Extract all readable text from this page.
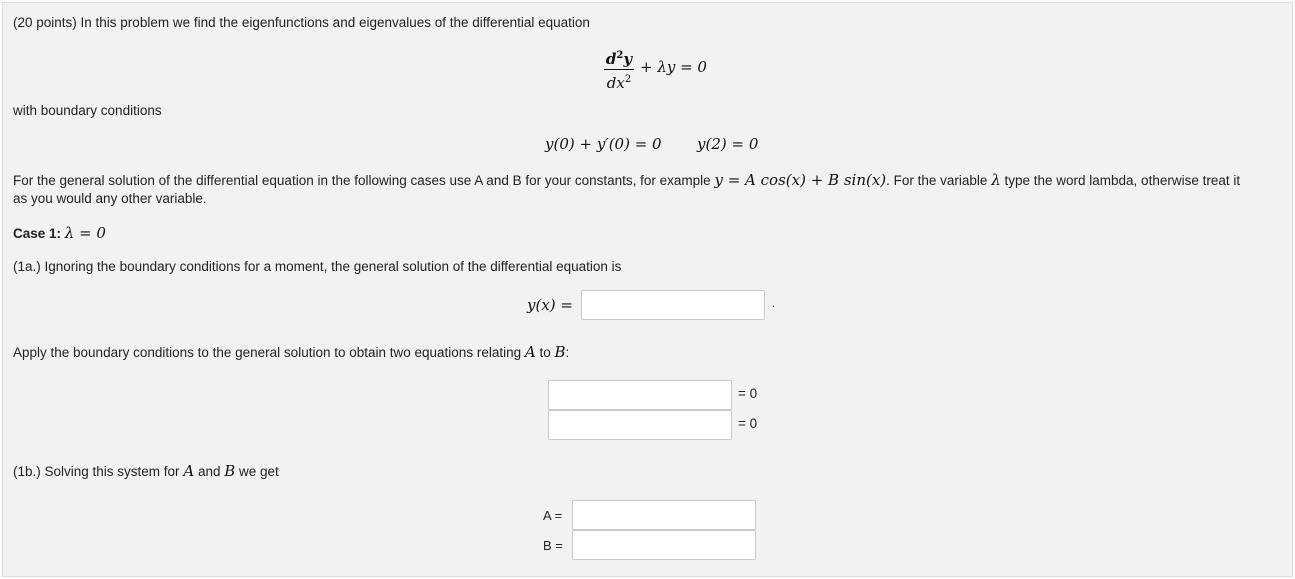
(20 points) In this problem we find the eigenfunctions and eigenvalues of the differential equation
$d^2y$
$dx^2$
+ λy = 0
with boundary conditions
y(0) + y′(0) = 0 y(2) = 0
For the general solution of the differential equation in the following cases use A and B for your constants, for example y = A cos(x) + B sin(x). For the variable λ type the word lambda, otherwise treat it
as you would any other variable.
Case 1: λ = 0
(1a.) Ignoring the boundary conditions for a moment, the general solution of the differential equation is
y(x) =	.
Apply the boundary conditions to the general solution to obtain two equations relating A to B:
= 0
= 0
(1b.) Solving this system for A and B we get
A =
B =
